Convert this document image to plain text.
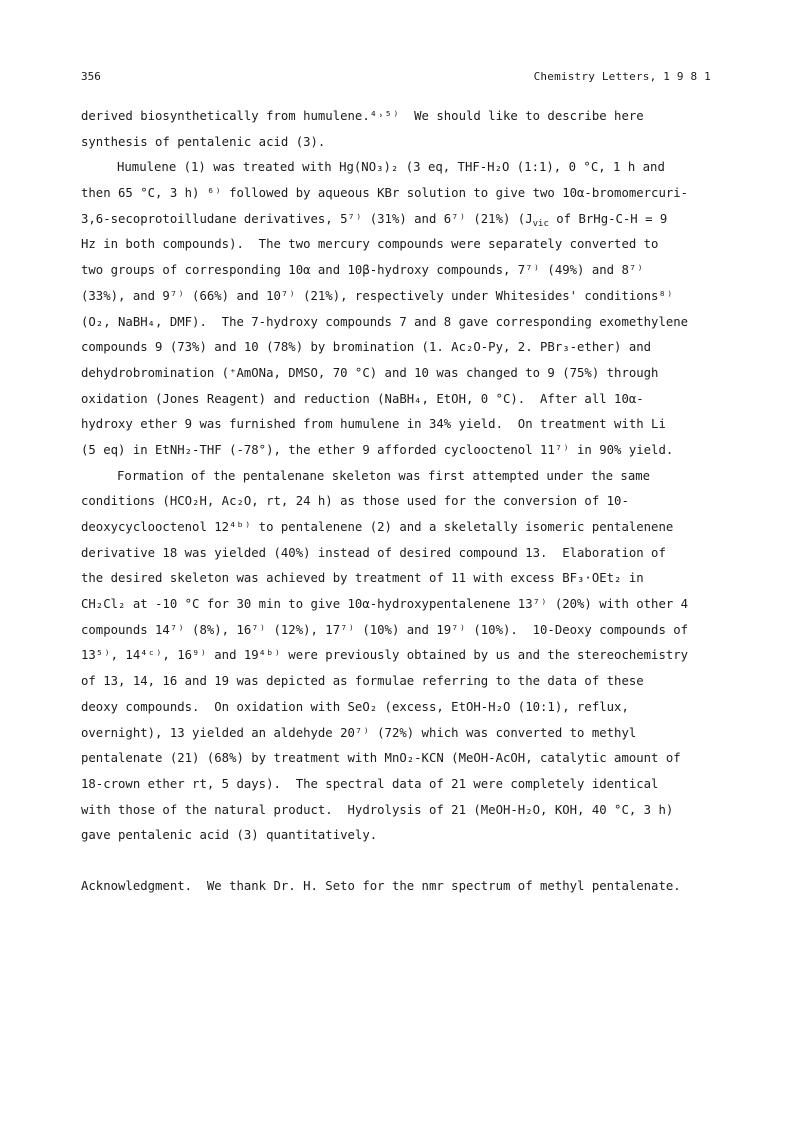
356	Chemistry Letters, 1 9 8 1
derived biosynthetically from humulene.⁴˒⁵⁾  We should like to describe here
synthesis of pentalenic acid (3).
Humulene (1) was treated with Hg(NO₃)₂ (3 eq, THF-H₂O (1:1), 0 °C, 1 h and
then 65 °C, 3 h) ⁶⁾ followed by aqueous KBr solution to give two 10α-bromomercuri-
3,6-secoprotoilludane derivatives, 5⁷⁾ (31%) and 6⁷⁾ (21%) ($J_{vic}$ of BrHg-C-H = 9
Hz in both compounds).  The two mercury compounds were separately converted to
two groups of corresponding 10α and 10β-hydroxy compounds, 7⁷⁾ (49%) and 8⁷⁾
(33%), and 9⁷⁾ (66%) and 10⁷⁾ (21%), respectively under Whitesides' conditions⁸⁾
(O₂, NaBH₄, DMF).  The 7-hydroxy compounds 7 and 8 gave corresponding exomethylene
compounds 9 (73%) and 10 (78%) by bromination (1. Ac₂O-Py, 2. PBr₃-ether) and
dehydrobromination (⁺AmONa, DMSO, 70 °C) and 10 was changed to 9 (75%) through
oxidation (Jones Reagent) and reduction (NaBH₄, EtOH, 0 °C).  After all 10α-
hydroxy ether 9 was furnished from humulene in 34% yield.  On treatment with Li
(5 eq) in EtNH₂-THF (-78°), the ether 9 afforded cyclooctenol 11⁷⁾ in 90% yield.
Formation of the pentalenane skeleton was first attempted under the same
conditions (HCO₂H, Ac₂O, rt, 24 h) as those used for the conversion of 10-
deoxycyclooctenol 12⁴ᵇ⁾ to pentalenene (2) and a skeletally isomeric pentalenene
derivative 18 was yielded (40%) instead of desired compound 13.  Elaboration of
the desired skeleton was achieved by treatment of 11 with excess BF₃·OEt₂ in
CH₂Cl₂ at -10 °C for 30 min to give 10α-hydroxypentalenene 13⁷⁾ (20%) with other 4
compounds 14⁷⁾ (8%), 16⁷⁾ (12%), 17⁷⁾ (10%) and 19⁷⁾ (10%).  10-Deoxy compounds of
13⁵⁾, 14⁴ᶜ⁾, 16⁹⁾ and 19⁴ᵇ⁾ were previously obtained by us and the stereochemistry
of 13, 14, 16 and 19 was depicted as formulae referring to the data of these
deoxy compounds.  On oxidation with SeO₂ (excess, EtOH-H₂O (10:1), reflux,
overnight), 13 yielded an aldehyde 20⁷⁾ (72%) which was converted to methyl
pentalenate (21) (68%) by treatment with MnO₂-KCN (MeOH-AcOH, catalytic amount of
18-crown ether rt, 5 days).  The spectral data of 21 were completely identical
with those of the natural product.  Hydrolysis of 21 (MeOH-H₂O, KOH, 40 °C, 3 h)
gave pentalenic acid (3) quantitatively.
Acknowledgment.  We thank Dr. H. Seto for the nmr spectrum of methyl pentalenate.
